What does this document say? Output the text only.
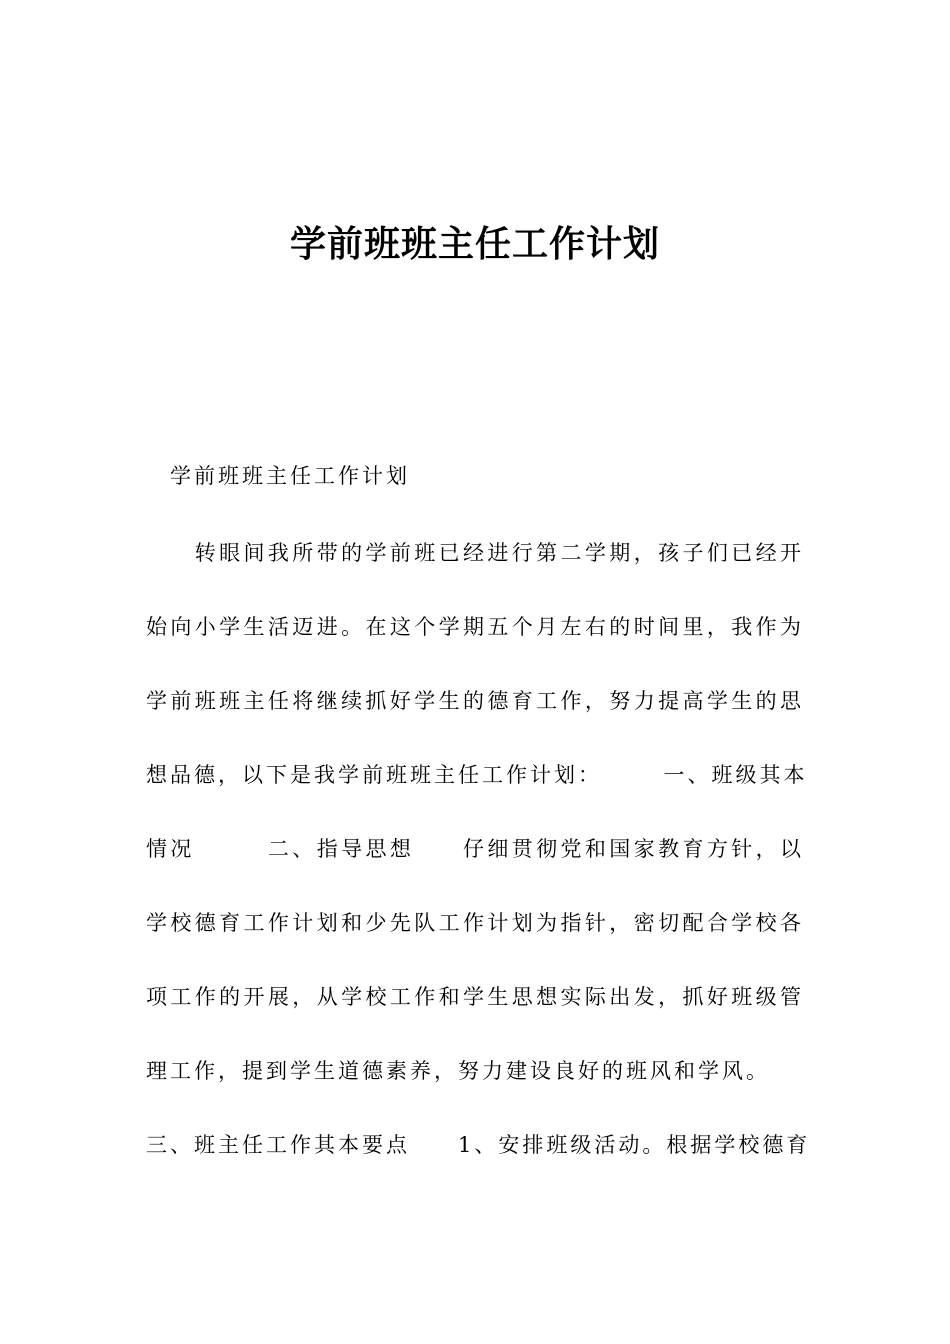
学前班班主任工作计划

学前班班主任工作计划

　　转眼间我所带的学前班已经进行第二学期，孩子们已经开

始向小学生活迈进。在这个学期五个月左右的时间里，我作为

学前班班主任将继续抓好学生的德育工作，努力提高学生的思

想品德，以下是我学前班班主任工作计划：　　　一、班级其本

情况　　　二、指导思想　　仔细贯彻党和国家教育方针，以

学校德育工作计划和少先队工作计划为指针，密切配合学校各

项工作的开展，从学校工作和学生思想实际出发，抓好班级管

理工作，提到学生道德素养，努力建设良好的班风和学风。

三、班主任工作其本要点　　1、安排班级活动。根据学校德育
